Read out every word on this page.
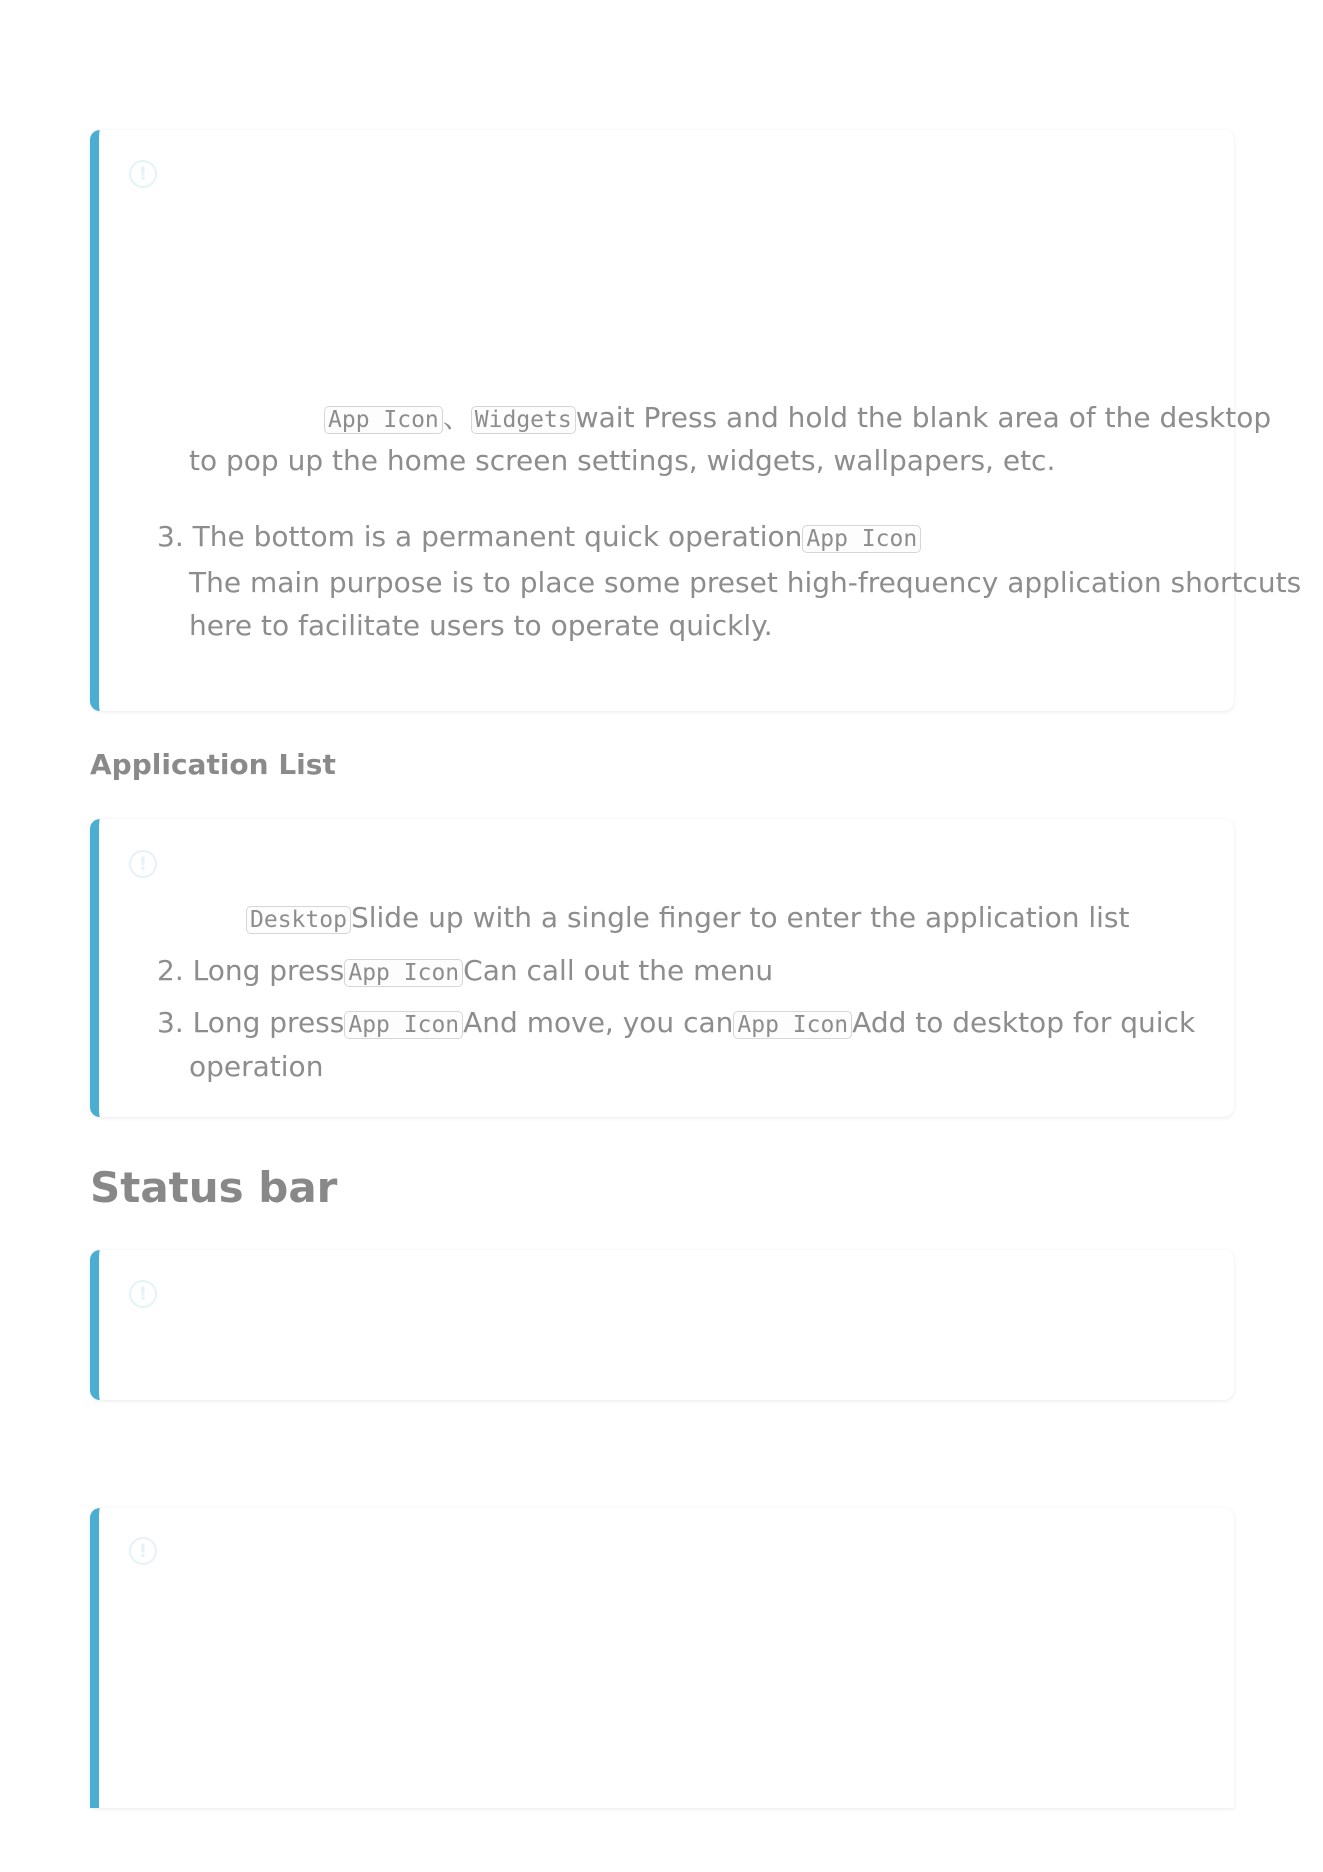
!
App Icon 、 Widgets wait Press and hold the blank area of the desktop
to pop up the home screen settings, widgets, wallpapers, etc.
3. The bottom is a permanent quick operation App Icon
The main purpose is to place some preset high-frequency application shortcuts
here to facilitate users to operate quickly.
Application List
!
Desktop Slide up with a single finger to enter the application list
2. Long press App Icon Can call out the menu
3. Long press App Icon And move, you can App Icon Add to desktop for quick
operation
Status bar
!
!
